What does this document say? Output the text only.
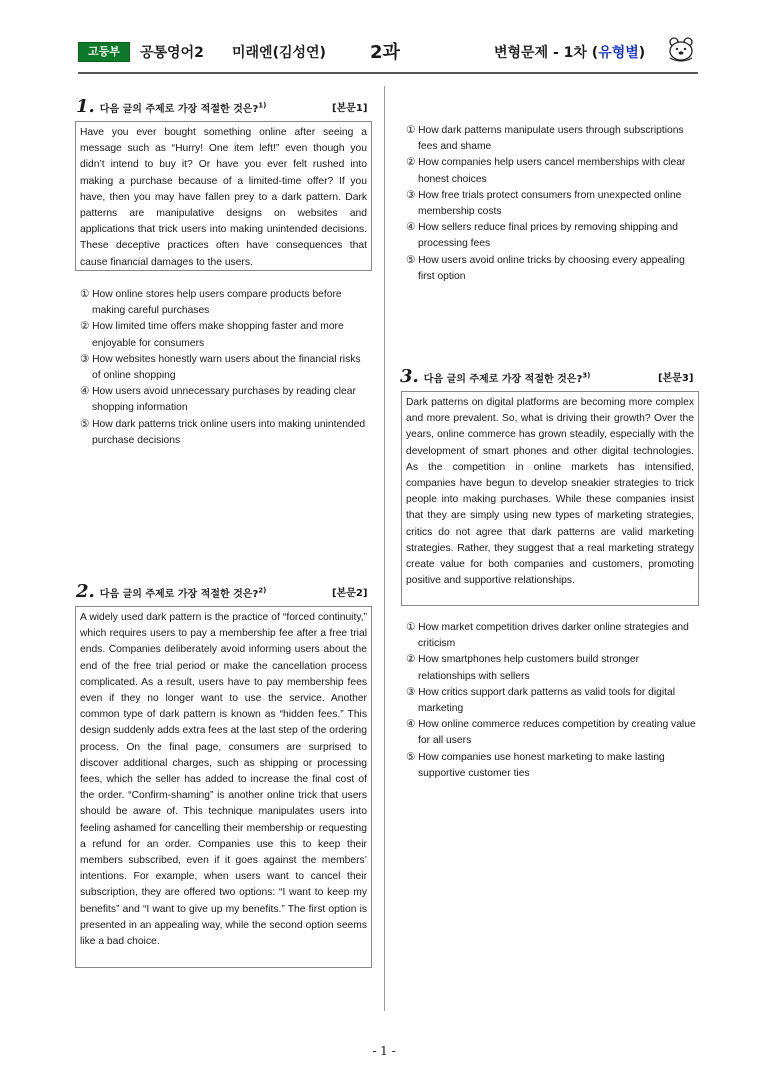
고등부	공통영어2 미래엔(김성연) 2과	변형문제 - 1차 (유형별)
1. 다음 글의 주제로 가장 적절한 것은?$^{1)}$	[본문1]
Have you ever bought something online after seeing a message such as “Hurry! One item left!” even though you didn’t intend to buy it? Or have you ever felt rushed into making a purchase because of a limited-time offer? If you have, then you may have fallen prey to a dark pattern. Dark patterns are manipulative designs on websites and applications that trick users into making unintended decisions. These deceptive practices often have consequences that cause financial damages to the users.
① How online stores help users compare products before making careful purchases
② How limited time offers make shopping faster and more enjoyable for consumers
③ How websites honestly warn users about the financial risks of online shopping
④ How users avoid unnecessary purchases by reading clear shopping information
⑤ How dark patterns trick online users into making unintended purchase decisions
2. 다음 글의 주제로 가장 적절한 것은?$^{2)}$	[본문2]
A widely used dark pattern is the practice of “forced continuity,” which requires users to pay a membership fee after a free trial ends. Companies deliberately avoid informing users about the end of the free trial period or make the cancellation process complicated. As a result, users have to pay membership fees even if they no longer want to use the service. Another common type of dark pattern is known as “hidden fees.” This design suddenly adds extra fees at the last step of the ordering process. On the final page, consumers are surprised to discover additional charges, such as shipping or processing fees, which the seller has added to increase the final cost of the order. “Confirm-shaming” is another online trick that users should be aware of. This technique manipulates users into feeling ashamed for cancelling their membership or requesting a refund for an order. Companies use this to keep their members subscribed, even if it goes against the members’ intentions. For example, when users want to cancel their subscription, they are offered two options: “I want to keep my benefits” and “I want to give up my benefits.” The first option is presented in an appealing way, while the second option seems like a bad choice.
① How dark patterns manipulate users through subscriptions fees and shame
② How companies help users cancel memberships with clear honest choices
③ How free trials protect consumers from unexpected online membership costs
④ How sellers reduce final prices by removing shipping and processing fees
⑤ How users avoid online tricks by choosing every appealing first option
3. 다음 글의 주제로 가장 적절한 것은?$^{3)}$	[본문3]
Dark patterns on digital platforms are becoming more complex and more prevalent. So, what is driving their growth? Over the years, online commerce has grown steadily, especially with the development of smart phones and other digital technologies. As the competition in online markets has intensified, companies have begun to develop sneakier strategies to trick people into making purchases. While these companies insist that they are simply using new types of marketing strategies, critics do not agree that dark patterns are valid marketing strategies. Rather, they suggest that a real marketing strategy create value for both companies and customers, promoting positive and supportive relationships.
① How market competition drives darker online strategies and criticism
② How smartphones help customers build stronger relationships with sellers
③ How critics support dark patterns as valid tools for digital marketing
④ How online commerce reduces competition by creating value for all users
⑤ How companies use honest marketing to make lasting supportive customer ties
- 1 -
